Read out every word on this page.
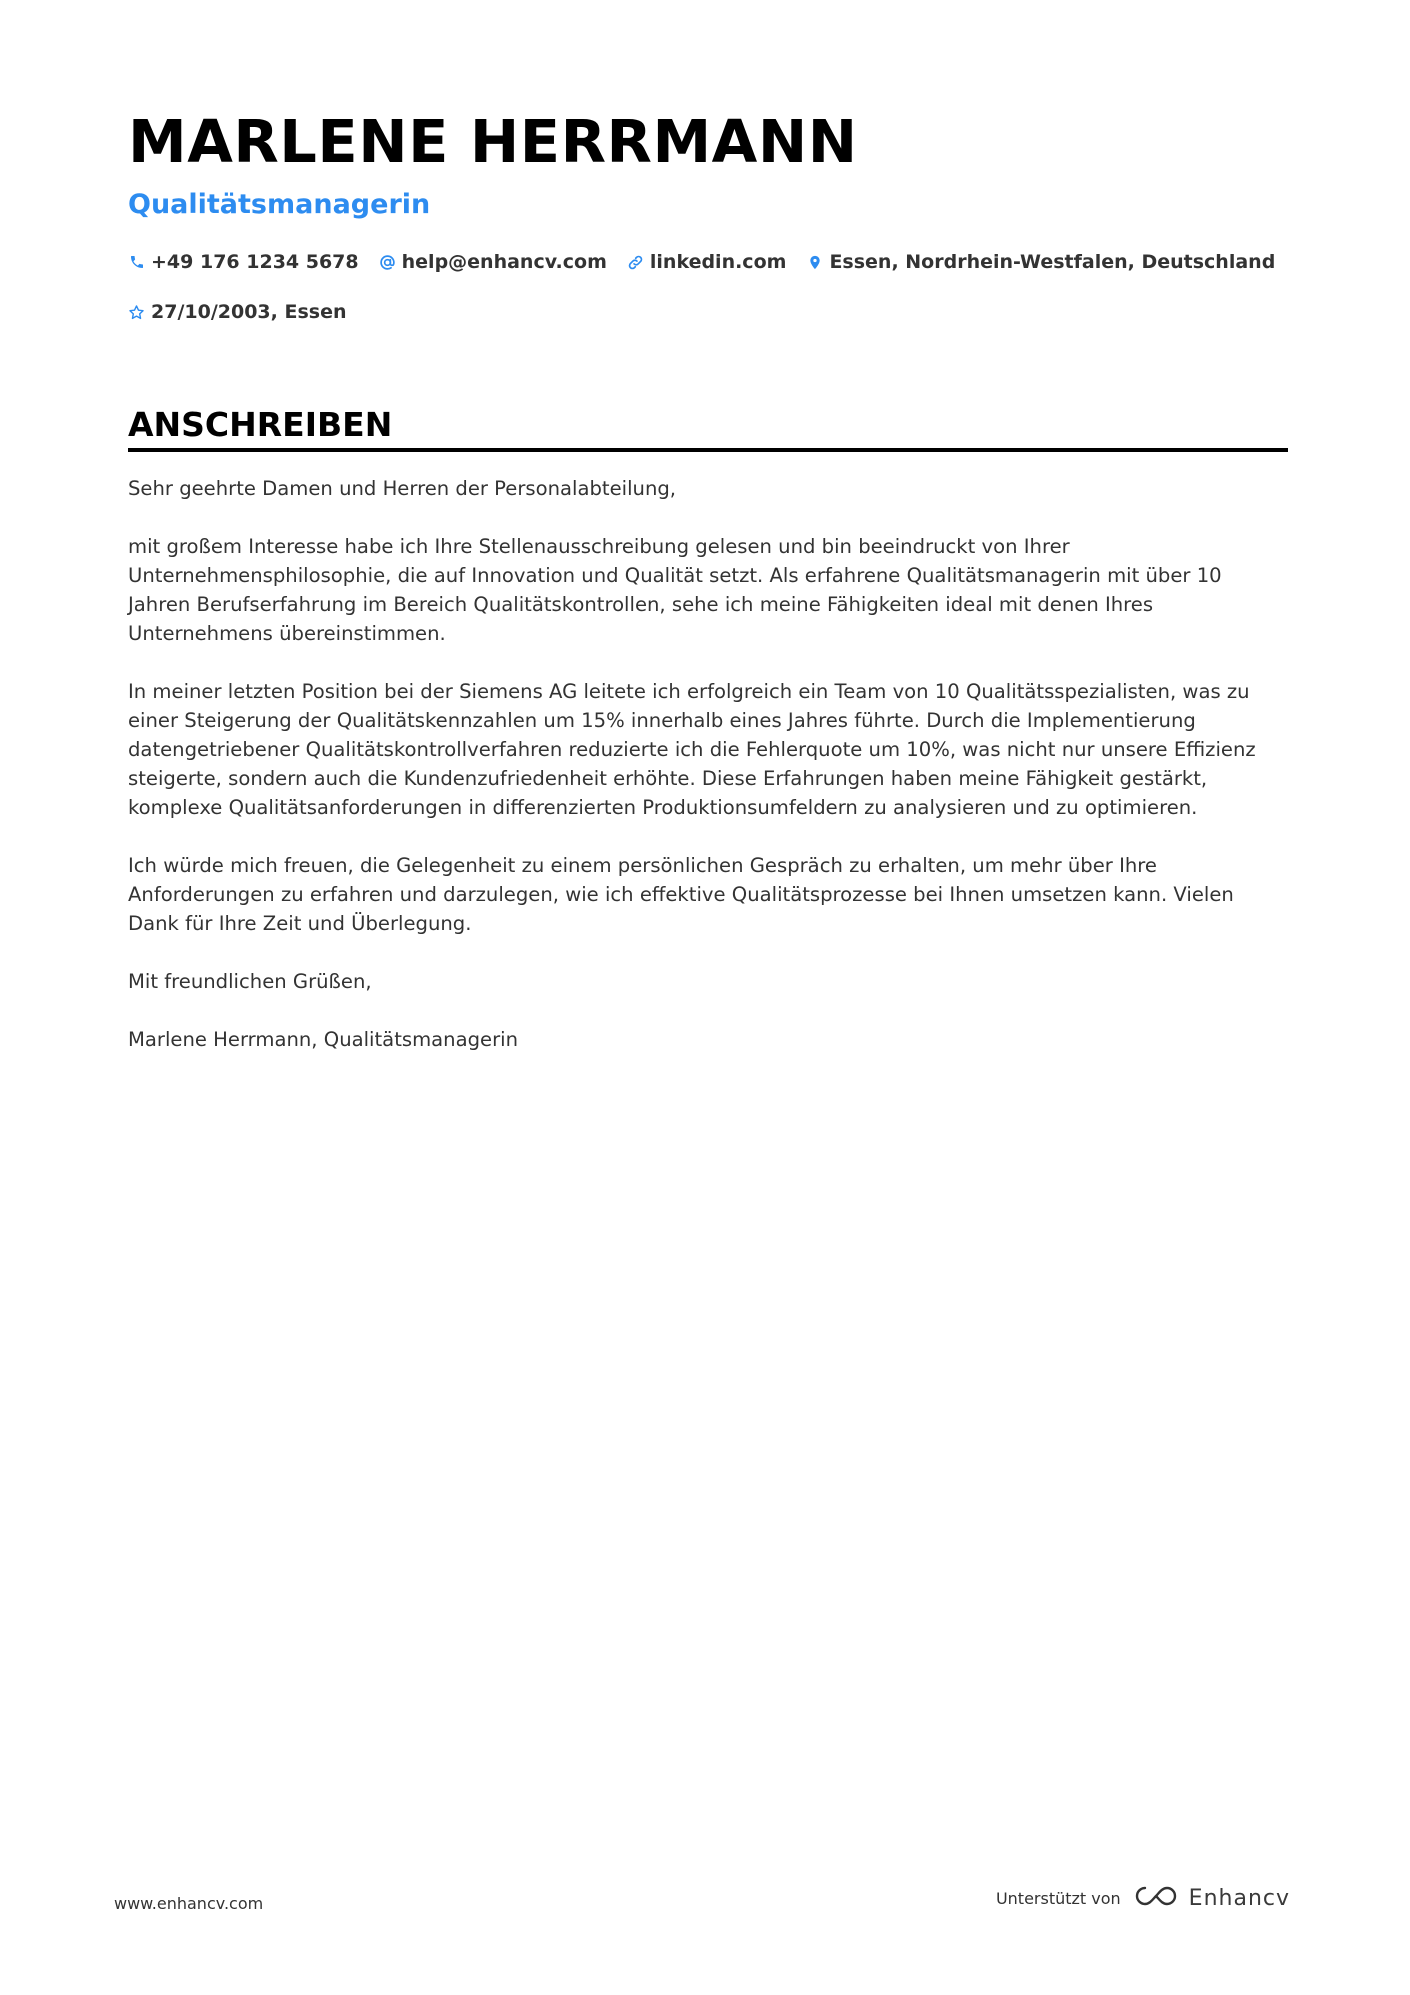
MARLENE HERRMANN
Qualitätsmanagerin
+49 176 1234 5678 help@enhancv.com linkedin.com Essen, Nordrhein-Westfalen, Deutschland
27/10/2003, Essen
ANSCHREIBEN

Sehr geehrte Damen und Herren der Personalabteilung,

mit großem Interesse habe ich Ihre Stellenausschreibung gelesen und bin beeindruckt von Ihrer Unternehmensphilosophie, die auf Innovation und Qualität setzt. Als erfahrene Qualitätsmanagerin mit über 10 Jahren Berufserfahrung im Bereich Qualitätskontrollen, sehe ich meine Fähigkeiten ideal mit denen Ihres Unternehmens übereinstimmen.

In meiner letzten Position bei der Siemens AG leitete ich erfolgreich ein Team von 10 Qualitätsspezialisten, was zu einer Steigerung der Qualitätskennzahlen um 15% innerhalb eines Jahres führte. Durch die Implementierung datengetriebener Qualitätskontrollverfahren reduzierte ich die Fehlerquote um 10%, was nicht nur unsere Effizienz steigerte, sondern auch die Kundenzufriedenheit erhöhte. Diese Erfahrungen haben meine Fähigkeit gestärkt, komplexe Qualitätsanforderungen in differenzierten Produktionsumfeldern zu analysieren und zu optimieren.

Ich würde mich freuen, die Gelegenheit zu einem persönlichen Gespräch zu erhalten, um mehr über Ihre Anforderungen zu erfahren und darzulegen, wie ich effektive Qualitätsprozesse bei Ihnen umsetzen kann. Vielen Dank für Ihre Zeit und Überlegung.

Mit freundlichen Grüßen,

Marlene Herrmann, Qualitätsmanagerin

www.enhancv.com	Unterstützt von	Enhancv
